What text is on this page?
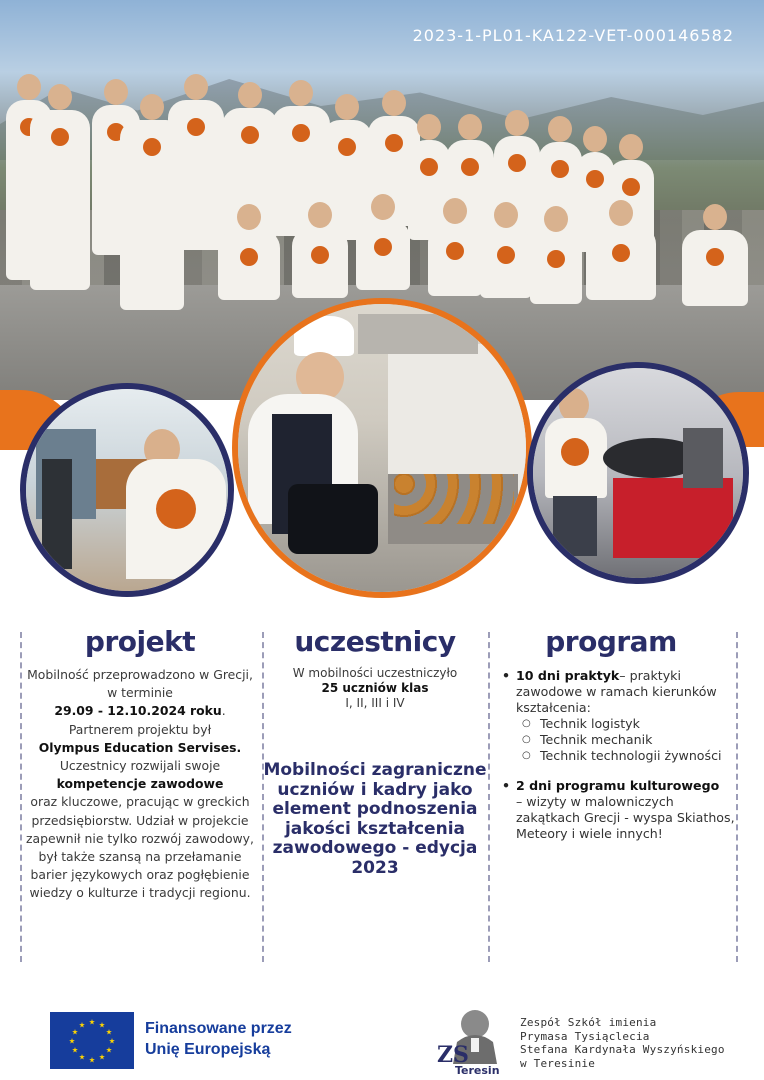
2023-1-PL01-KA122-VET-000146582
projekt
Mobilność przeprowadzono w Grecji, w terminie
29.09 - 12.10.2024 roku.
Partnerem projektu był
Olympus Education Servises.
Uczestnicy rozwijali swoje
kompetencje zawodowe
oraz kluczowe, pracując w greckich przedsiębiorstw. Udział w projekcie zapewnił nie tylko rozwój zawodowy, był także szansą na przełamanie barier językowych oraz pogłębienie wiedzy o kulturze i tradycji regionu.
uczestnicy
W mobilności uczestniczyło
25 uczniów klas
I, II, III i IV
Mobilności zagraniczne uczniów i kadry jako element podnoszenia jakości kształcenia zawodowego - edycja 2023
program
• 10 dni praktyk– praktyki zawodowe w ramach kierunków kształcenia:
○ Technik logistyk
○ Technik mechanik
○ Technik technologii żywności
• 2 dni programu kulturowego
– wizyty w malowniczych zakątkach Grecji - wyspa Skiathos, Meteory i wiele innych!
Finansowane przez
Unię Europejską	ZS
Teresin
Zespół Szkół imienia
Prymasa Tysiąclecia
Stefana Kardynała Wyszyńskiego
w Teresinie
